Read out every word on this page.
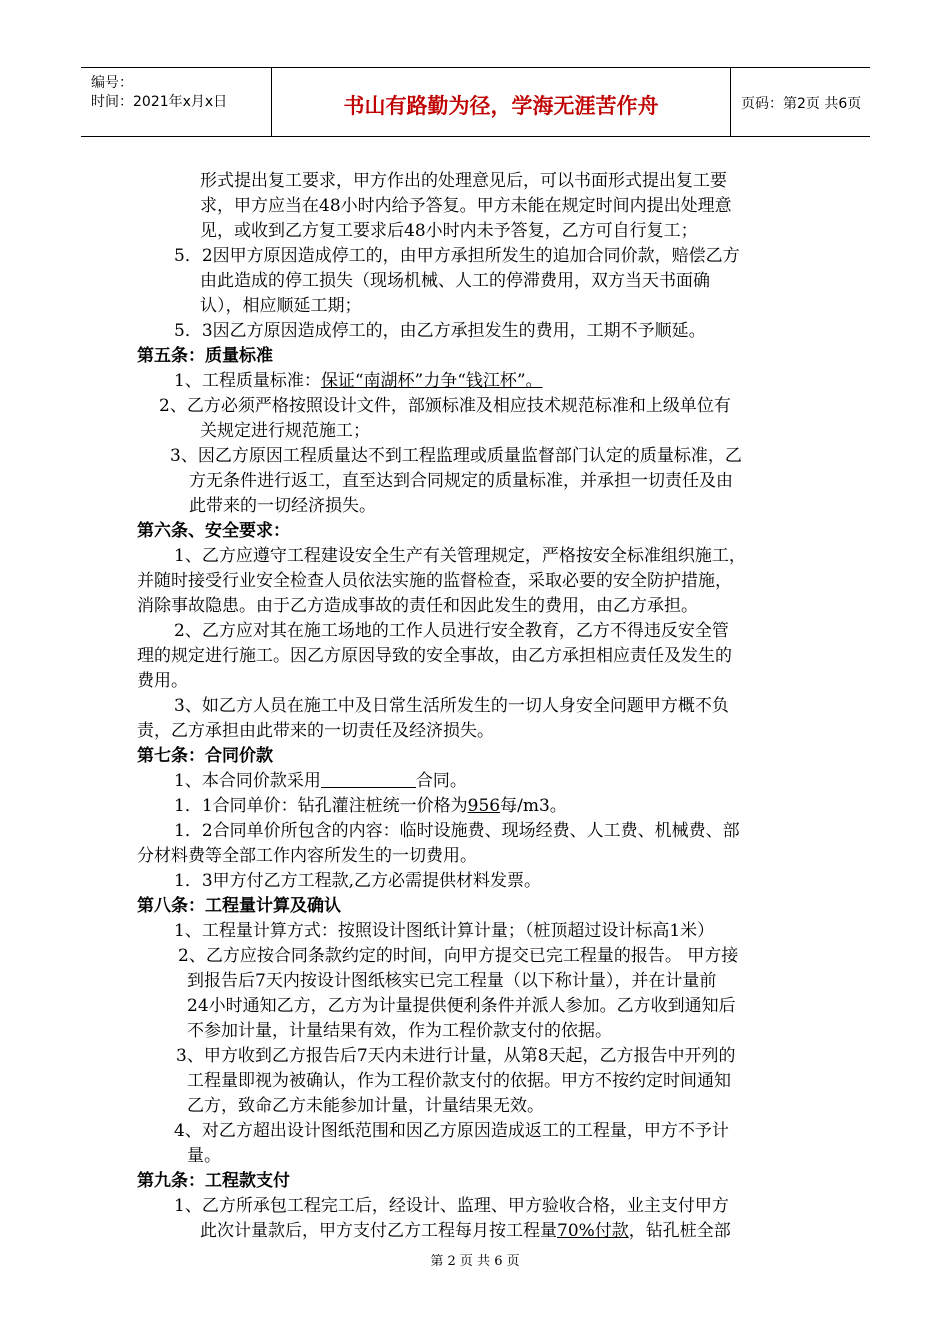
编号：
时间：2021年x月x日	书山有路勤为径，学海无涯苦作舟	页码：第2页 共6页
形式提出复工要求，甲方作出的处理意见后，可以书面形式提出复工要
求，甲方应当在48小时内给予答复。甲方未能在规定时间内提出处理意
见，或收到乙方复工要求后48小时内未予答复，乙方可自行复工；
5．2因甲方原因造成停工的，由甲方承担所发生的追加合同价款，赔偿乙方
由此造成的停工损失（现场机械、人工的停滞费用，双方当天书面确
认），相应顺延工期；
5．3因乙方原因造成停工的，由乙方承担发生的费用，工期不予顺延。
第五条：质量标准
1、工程质量标准：保证“南湖杯”力争“钱江杯”。
2、乙方必须严格按照设计文件，部颁标准及相应技术规范标准和上级单位有
关规定进行规范施工；
3、因乙方原因工程质量达不到工程监理或质量监督部门认定的质量标准，乙
方无条件进行返工，直至达到合同规定的质量标准，并承担一切责任及由
此带来的一切经济损失。
第六条、安全要求：
1、乙方应遵守工程建设安全生产有关管理规定，严格按安全标准组织施工，
并随时接受行业安全检查人员依法实施的监督检查，采取必要的安全防护措施，
消除事故隐患。由于乙方造成事故的责任和因此发生的费用，由乙方承担。
2、乙方应对其在施工场地的工作人员进行安全教育，乙方不得违反安全管
理的规定进行施工。因乙方原因导致的安全事故，由乙方承担相应责任及发生的
费用。
3、如乙方人员在施工中及日常生活所发生的一切人身安全问题甲方概不负
责，乙方承担由此带来的一切责任及经济损失。
第七条：合同价款
1、本合同价款采用	合同。
1．1合同单价：钻孔灌注桩统一价格为956每/m3。
1．2合同单价所包含的内容：临时设施费、现场经费、人工费、机械费、部
分材料费等全部工作内容所发生的一切费用。
1．3甲方付乙方工程款,乙方必需提供材料发票。
第八条：工程量计算及确认
1、工程量计算方式：按照设计图纸计算计量；（桩顶超过设计标高1米）
2、乙方应按合同条款约定的时间，向甲方提交已完工程量的报告。 甲方接
到报告后7天内按设计图纸核实已完工程量（以下称计量），并在计量前
24小时通知乙方，乙方为计量提供便利条件并派人参加。乙方收到通知后
不参加计量，计量结果有效，作为工程价款支付的依据。
3、甲方收到乙方报告后7天内未进行计量，从第8天起，乙方报告中开列的
工程量即视为被确认，作为工程价款支付的依据。甲方不按约定时间通知
乙方，致命乙方未能参加计量，计量结果无效。
4、对乙方超出设计图纸范围和因乙方原因造成返工的工程量，甲方不予计
量。
第九条：工程款支付
1、乙方所承包工程完工后，经设计、监理、甲方验收合格，业主支付甲方
此次计量款后，甲方支付乙方工程每月按工程量70%付款，钻孔桩全部
第 2 页 共 6 页
